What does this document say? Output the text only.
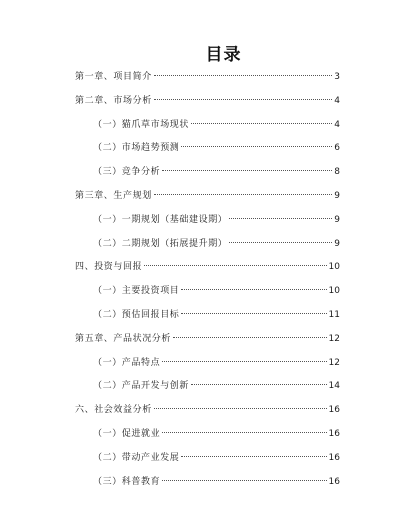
目录
第一章、项目简介	3
第二章、市场分析	4
（一）猫爪草市场现状	4
（二）市场趋势预测	6
（三）竞争分析	8
第三章、生产规划	9
（一）一期规划（基础建设期）	9
（二）二期规划（拓展提升期）	9
四、投资与回报	10
（一）主要投资项目	10
（二）预估回报目标	11
第五章、产品状况分析	12
（一）产品特点	12
（二）产品开发与创新	14
六、社会效益分析	16
（一）促进就业	16
（二）带动产业发展	16
（三）科普教育	16
